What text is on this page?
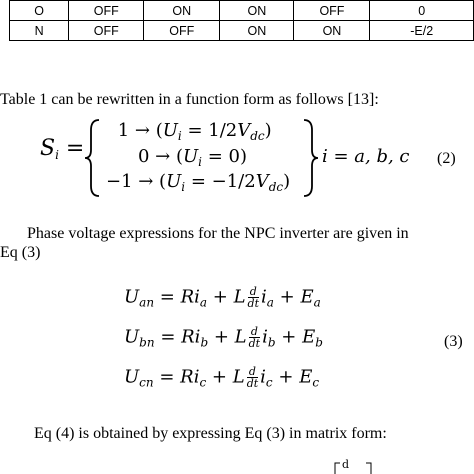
O	OFF	ON	ON	OFF	0
N	OFF	OFF	ON	ON	-E/2
Table 1 can be rewritten in a function form as follows [13]:
$S_i$ =
$1 \to (U_i = 1/2V_{dc})$
$0 \to (U_i = 0)$
$-1 \to (U_i = -1/2V_{dc})$
i = a, b, c (2)
Phase voltage expressions for the NPC inverter are given in
Eq (3)
$U_{an} = Ri_a + L \frac{d}{dt} i_a + E_a$
$U_{bn} = Ri_b + L \frac{d}{dt} i_b + E_b$
$U_{cn} = Ri_c + L \frac{d}{dt} i_c + E_c$
(3)
Eq (4) is obtained by expressing Eq (3) in matrix form:
d
